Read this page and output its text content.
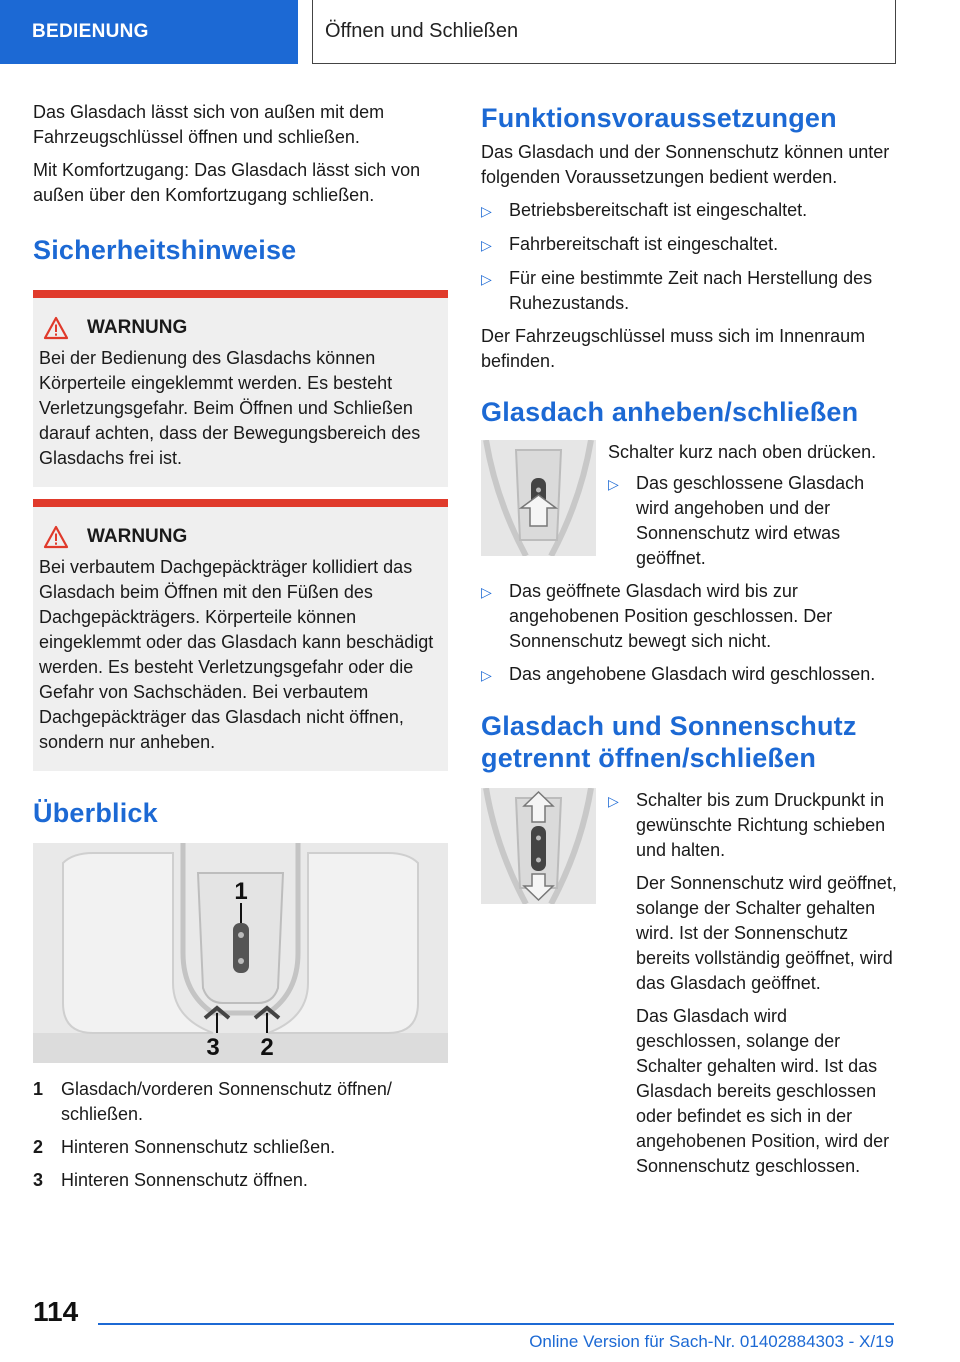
BEDIENUNG	Öffnen und Schließen

Das Glasdach lässt sich von außen mit dem Fahrzeugschlüssel öffnen und schließen.

Mit Komfortzugang: Das Glasdach lässt sich von außen über den Komfortzugang schließen.

Sicherheitshinweise
WARNUNG

Bei der Bedienung des Glasdachs können Körperteile eingeklemmt werden. Es besteht Verletzungsgefahr. Beim Öffnen und Schließen darauf achten, dass der Bewegungsbereich des Glasdachs frei ist.

WARNUNG

Bei verbautem Dachgepäckträger kollidiert das Glasdach beim Öffnen mit den Füßen des Dachgepäckträgers. Körperteile können eingeklemmt oder das Glasdach kann beschädigt werden. Es besteht Verletzungsgefahr oder die Gefahr von Sachschäden. Bei verbautem Dachgepäckträger das Glasdach nicht öffnen, sondern nur anheben.

Überblick
1
2
3
1 Glasdach/vorderen Sonnenschutz öffnen/ schließen.
2 Hinteren Sonnenschutz schließen.
3 Hinteren Sonnenschutz öffnen.
Funktionsvoraussetzungen

Das Glasdach und der Sonnenschutz können unter folgenden Voraussetzungen bedient werden.

▷ Betriebsbereitschaft ist eingeschaltet.
▷ Fahrbereitschaft ist eingeschaltet.
▷ Für eine bestimmte Zeit nach Herstellung des Ruhezustands.

Der Fahrzeugschlüssel muss sich im Innenraum befinden.

Glasdach anheben/schließen

Schalter kurz nach oben drücken.

▷ Das geschlossene Glasdach wird angehoben und der Sonnenschutz wird etwas geöffnet.
▷ Das geöffnete Glasdach wird bis zur angehobenen Position geschlossen. Der Sonnenschutz bewegt sich nicht.
▷ Das angehobene Glasdach wird geschlossen.
Glasdach und Sonnenschutz getrennt öffnen/schließen
▷ Schalter bis zum Druckpunkt in gewünschte Richtung schieben und halten.

Der Sonnenschutz wird geöffnet, solange der Schalter gehalten wird. Ist der Sonnenschutz bereits vollständig geöffnet, wird das Glasdach geöffnet.

Das Glasdach wird geschlossen, solange der Schalter gehalten wird. Ist das Glasdach bereits geschlossen oder befindet es sich in der angehobenen Position, wird der Sonnenschutz geschlossen.

114
Online Version für Sach-Nr. 01402884303 - X/19
